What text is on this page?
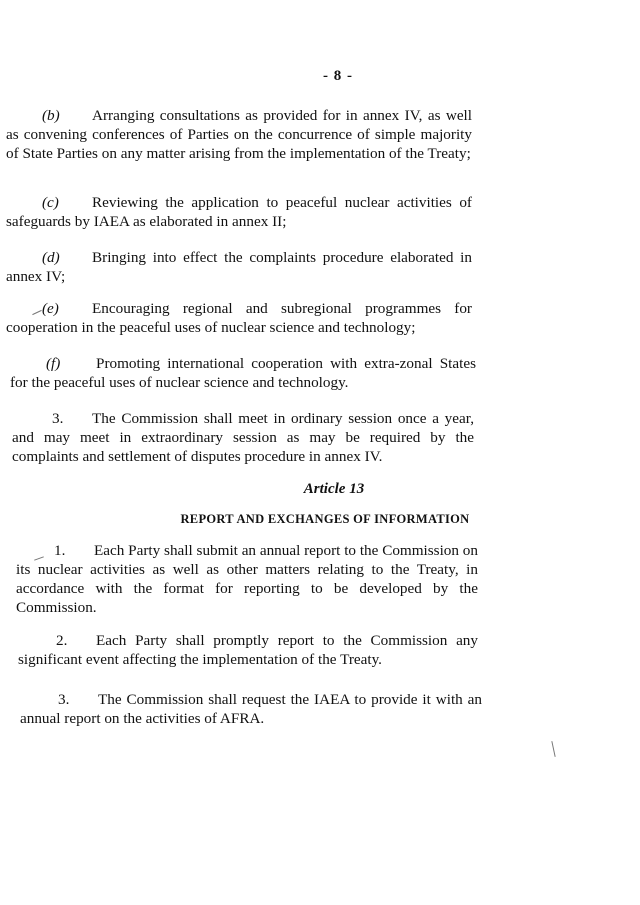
- 8 -

(b) Arranging consultations as provided for in annex IV, as well as convening conferences of Parties on the concurrence of simple majority of State Parties on any matter arising from the implementation of the Treaty;

(c) Reviewing the application to peaceful nuclear activities of safeguards by IAEA as elaborated in annex II;

(d) Bringing into effect the complaints procedure elaborated in annex IV;

(e) Encouraging regional and subregional programmes for cooperation in the peaceful uses of nuclear science and technology;

(f) Promoting international cooperation with extra-zonal States for the peaceful uses of nuclear science and technology.

3. The Commission shall meet in ordinary session once a year, and may meet in extraordinary session as may be required by the complaints and settlement of disputes procedure in annex IV.

Article 13
REPORT AND EXCHANGES OF INFORMATION

1. Each Party shall submit an annual report to the Commission on its nuclear activities as well as other matters relating to the Treaty, in accordance with the format for reporting to be developed by the Commission.

2. Each Party shall promptly report to the Commission any significant event affecting the implementation of the Treaty.

3. The Commission shall request the IAEA to provide it with an annual report on the activities of AFRA.
